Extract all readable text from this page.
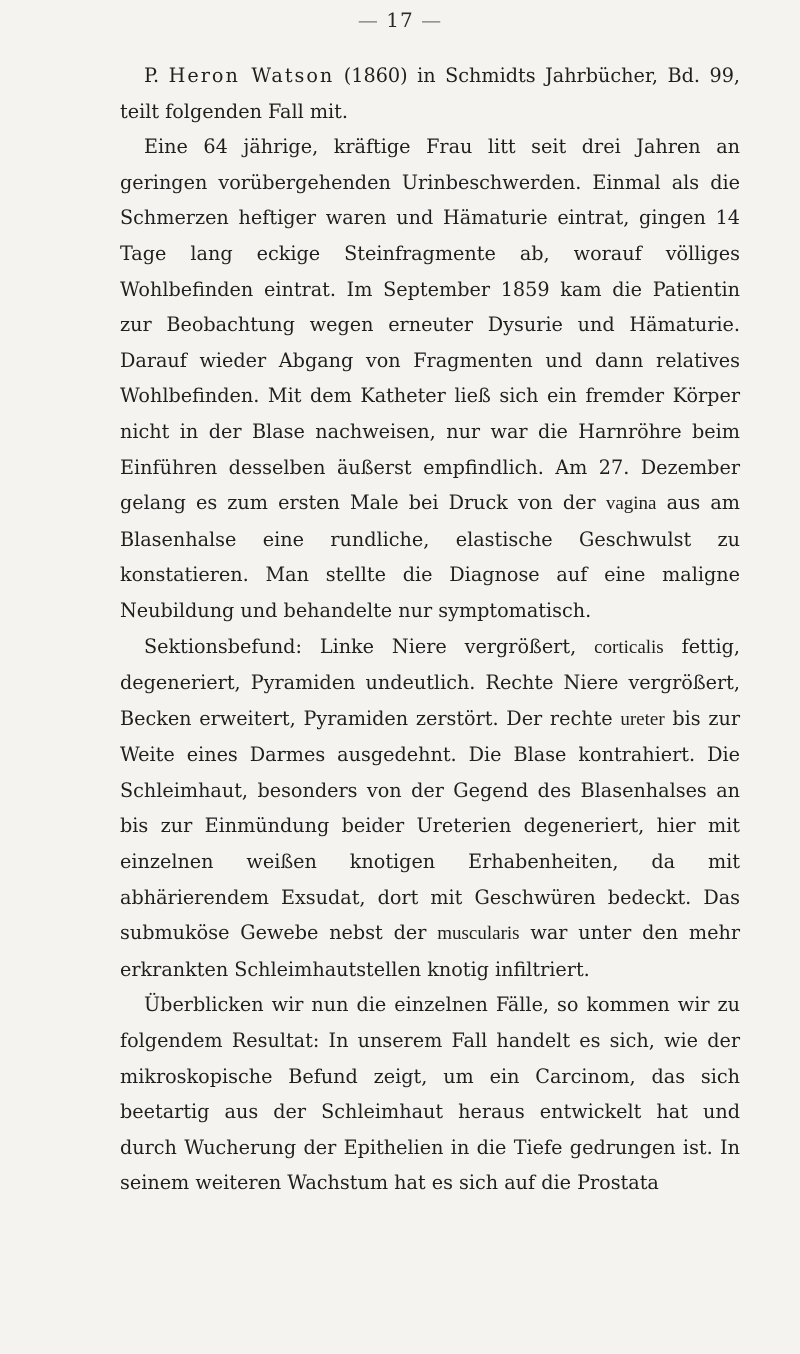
— 17 —

P. Heron Watson (1860) in Schmidts Jahrbücher, Bd. 99, teilt folgenden Fall mit.

Eine 64 jährige, kräftige Frau litt seit drei Jahren an geringen vorübergehenden Urinbeschwerden. Einmal als die Schmerzen heftiger waren und Hämaturie eintrat, gingen 14 Tage lang eckige Steinfragmente ab, worauf völliges Wohlbefinden eintrat. Im September 1859 kam die Patientin zur Beobachtung wegen erneuter Dysurie und Hämaturie. Darauf wieder Abgang von Fragmenten und dann relatives Wohlbefinden. Mit dem Katheter ließ sich ein fremder Körper nicht in der Blase nachweisen, nur war die Harnröhre beim Einführen desselben äußerst empfindlich. Am 27. Dezember gelang es zum ersten Male bei Druck von der vagina aus am Blasenhalse eine rundliche, elastische Geschwulst zu konstatieren. Man stellte die Diagnose auf eine maligne Neubildung und behandelte nur symptomatisch.

Sektionsbefund: Linke Niere vergrößert, corticalis fettig, degeneriert, Pyramiden undeutlich. Rechte Niere vergrößert, Becken erweitert, Pyramiden zerstört. Der rechte ureter bis zur Weite eines Darmes ausgedehnt. Die Blase kontrahiert. Die Schleimhaut, besonders von der Gegend des Blasenhalses an bis zur Einmündung beider Ureterien degeneriert, hier mit einzelnen weißen knotigen Erhabenheiten, da mit abhärierendem Exsudat, dort mit Geschwüren bedeckt. Das submuköse Gewebe nebst der muscularis war unter den mehr erkrankten Schleimhautstellen knotig infiltriert.

Überblicken wir nun die einzelnen Fälle, so kommen wir zu folgendem Resultat: In unserem Fall handelt es sich, wie der mikroskopische Befund zeigt, um ein Carcinom, das sich beetartig aus der Schleimhaut heraus entwickelt hat und durch Wucherung der Epithelien in die Tiefe gedrungen ist. In seinem weiteren Wachstum hat es sich auf die Prostata
